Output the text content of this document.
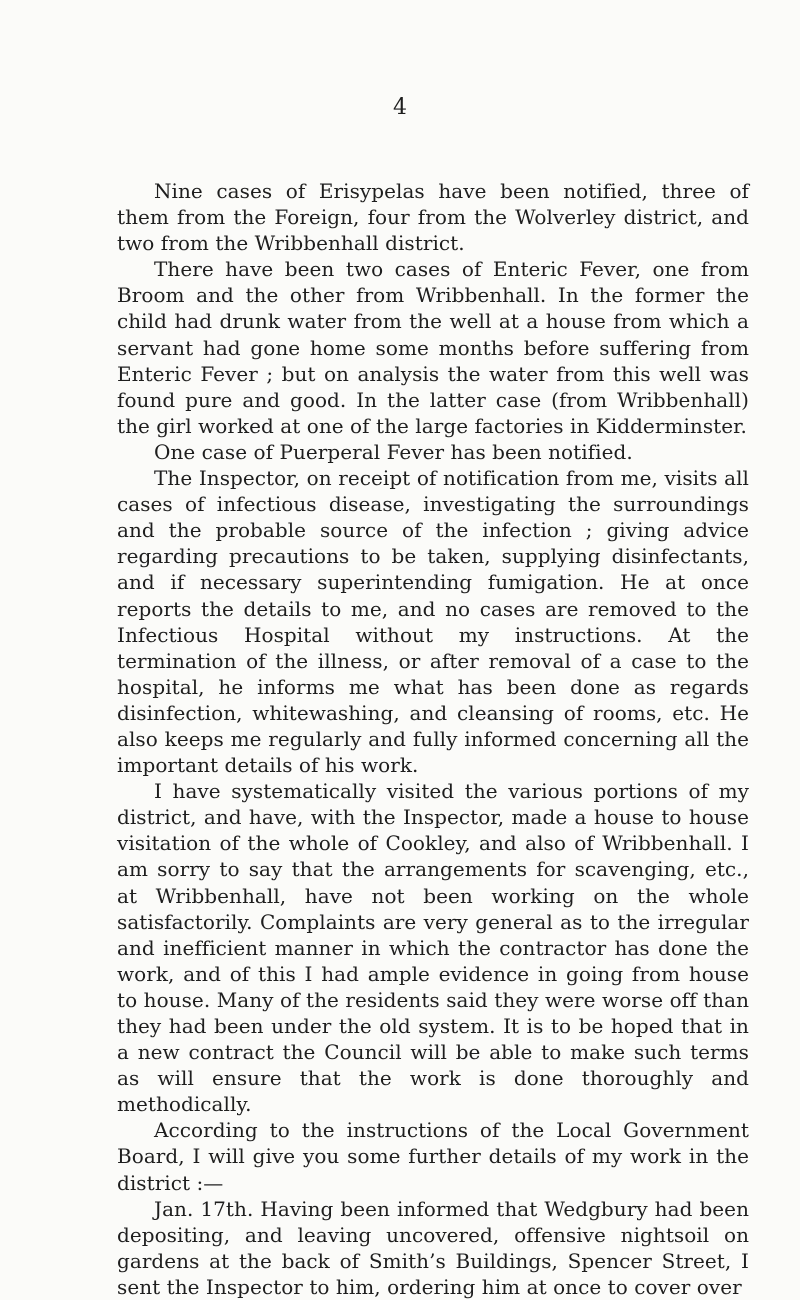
4

Nine cases of Erisypelas have been notified, three of them from the Foreign, four from the Wolverley district, and two from the Wribbenhall district.

There have been two cases of Enteric Fever, one from Broom and the other from Wribbenhall. In the former the child had drunk water from the well at a house from which a servant had gone home some months before suffering from Enteric Fever ; but on analysis the water from this well was found pure and good. In the latter case (from Wribbenhall) the girl worked at one of the large factories in Kidderminster.

One case of Puerperal Fever has been notified.

The Inspector, on receipt of notification from me, visits all cases of infectious disease, investigating the surroundings and the probable source of the infection ; giving advice regarding precautions to be taken, supplying disinfectants, and if necessary superintending fumigation. He at once reports the details to me, and no cases are removed to the Infectious Hospital without my instructions. At the termination of the illness, or after removal of a case to the hospital, he informs me what has been done as regards disinfection, whitewashing, and cleansing of rooms, etc. He also keeps me regularly and fully informed concerning all the important details of his work.

I have systematically visited the various portions of my district, and have, with the Inspector, made a house to house visitation of the whole of Cookley, and also of Wribbenhall. I am sorry to say that the arrangements for scavenging, etc., at Wribbenhall, have not been working on the whole satisfactorily. Complaints are very general as to the irregular and inefficient manner in which the contractor has done the work, and of this I had ample evidence in going from house to house. Many of the residents said they were worse off than they had been under the old system. It is to be hoped that in a new contract the Council will be able to make such terms as will ensure that the work is done thoroughly and methodically.

According to the instructions of the Local Government Board, I will give you some further details of my work in the district :—

Jan. 17th. Having been informed that Wedgbury had been depositing, and leaving uncovered, offensive nightsoil on gardens at the back of Smith’s Buildings, Spencer Street, I sent the Inspector to him, ordering him at once to cover over
